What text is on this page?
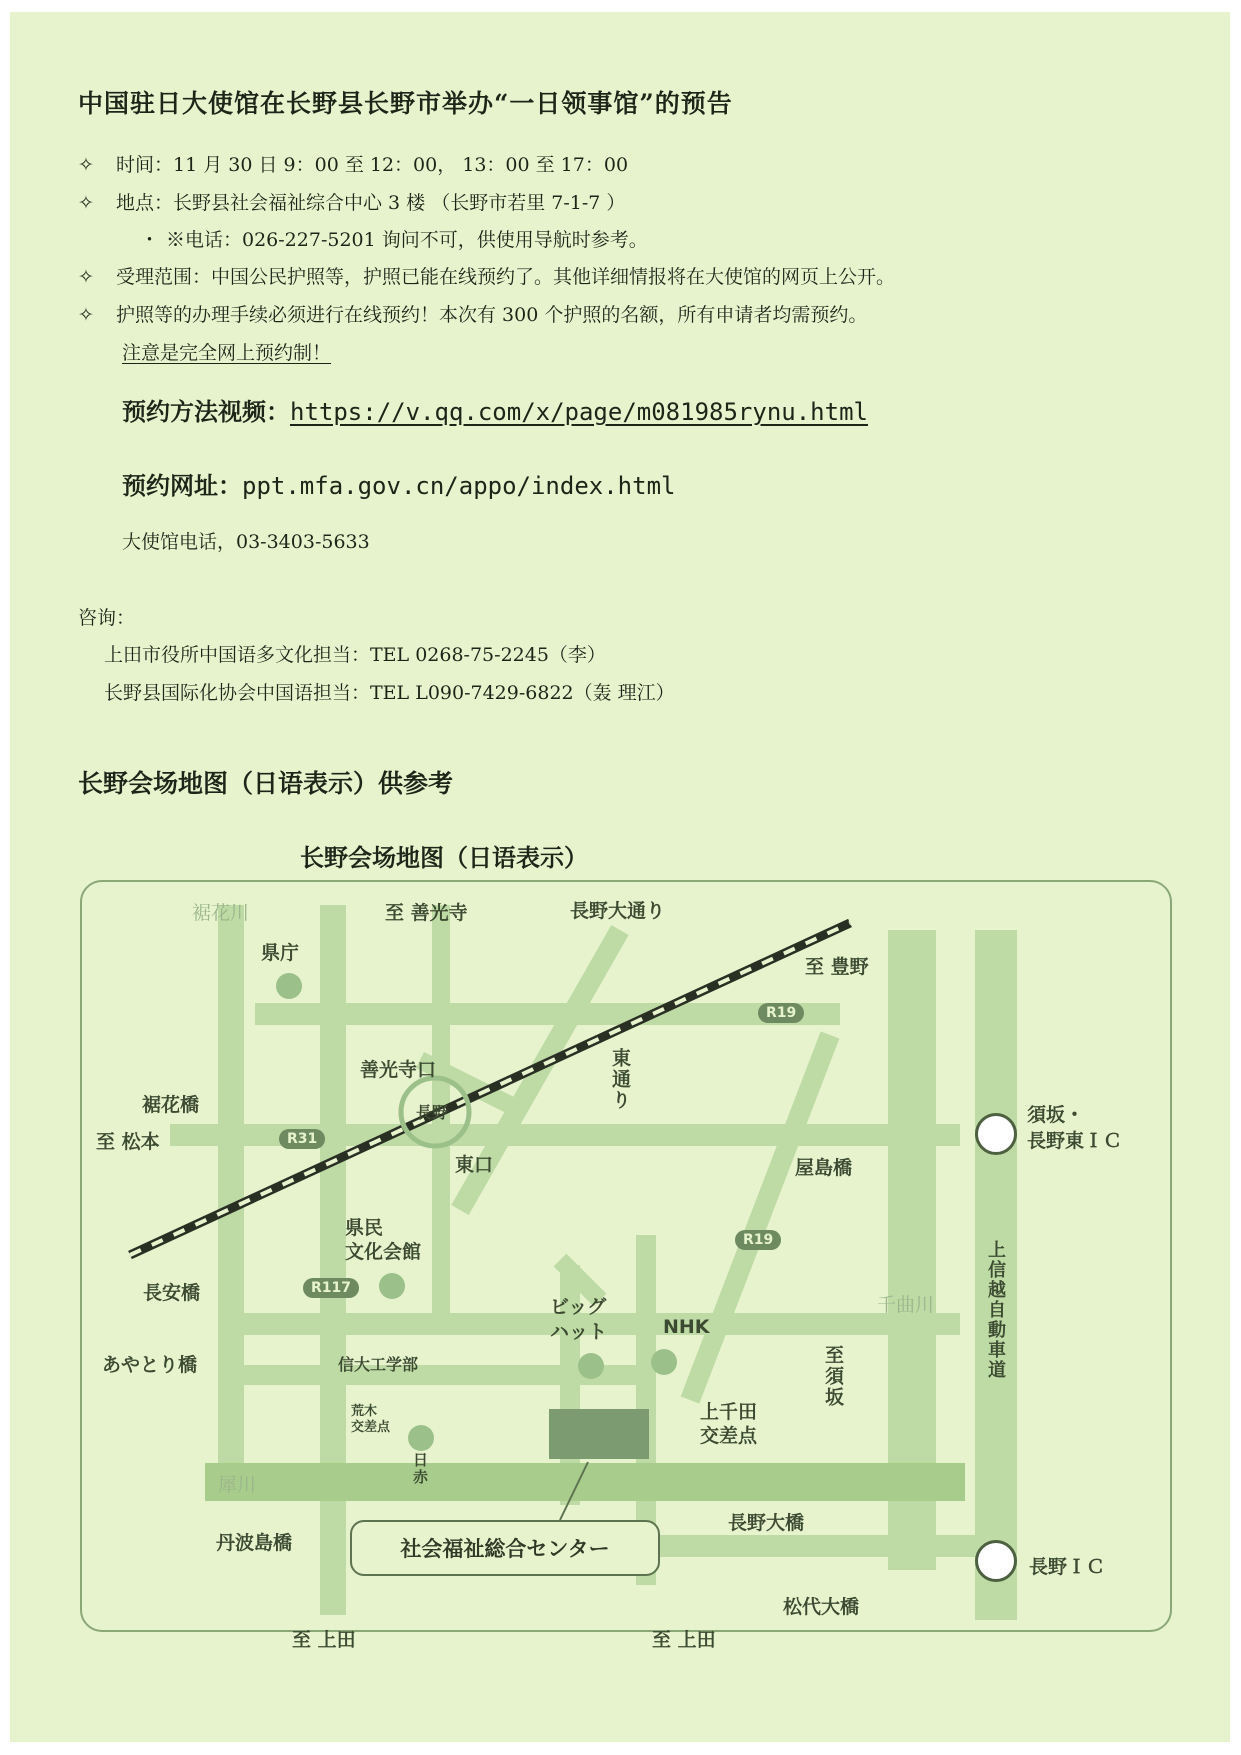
中国驻日大使馆在长野县长野市举办“一日领事馆”的预告
✧ 时间：11 月 30 日 9：00 至 12：00， 13：00 至 17：00
✧ 地点：长野县社会福祉综合中心 3 楼 （长野市若里 7-1-7 ）
・ ※电话：026-227-5201 询问不可，供使用导航时参考。
✧ 受理范围：中国公民护照等，护照已能在线预约了。其他详细情报将在大使馆的网页上公开。
✧ 护照等的办理手续必须进行在线预约！本次有 300 个护照的名额，所有申请者均需预约。
注意是完全网上预约制！
预约方法视频：https://v.qq.com/x/page/m081985rynu.html
预约网址：ppt.mfa.gov.cn/appo/index.html
大使馆电话，03-3403-5633
咨询：
上田市役所中国语多文化担当：TEL 0268-75-2245（李）
长野县国际化协会中国语担当：TEL L090-7429-6822（轰 理江）
长野会场地图（日语表示）供参考
长野会场地图（日语表示）
R19
R31
R19
R117
裾花川	至 善光寺	長野大通り
県庁
至 豊野
善光寺口
長野
東通り
裾花橋
至 松本
東口
須坂・
長野東ＩＣ
屋島橋
県民
文化会館
長安橋
ビッグ
ハット	NHK
千曲川	上信越自動車道
あやとり橋	信大工学部	至須坂
荒木
交差点
上千田
交差点
犀川	日赤
長野大橋
丹波島橋	社会福祉総合センター
長野ＩＣ
松代大橋
至 上田	至 上田
